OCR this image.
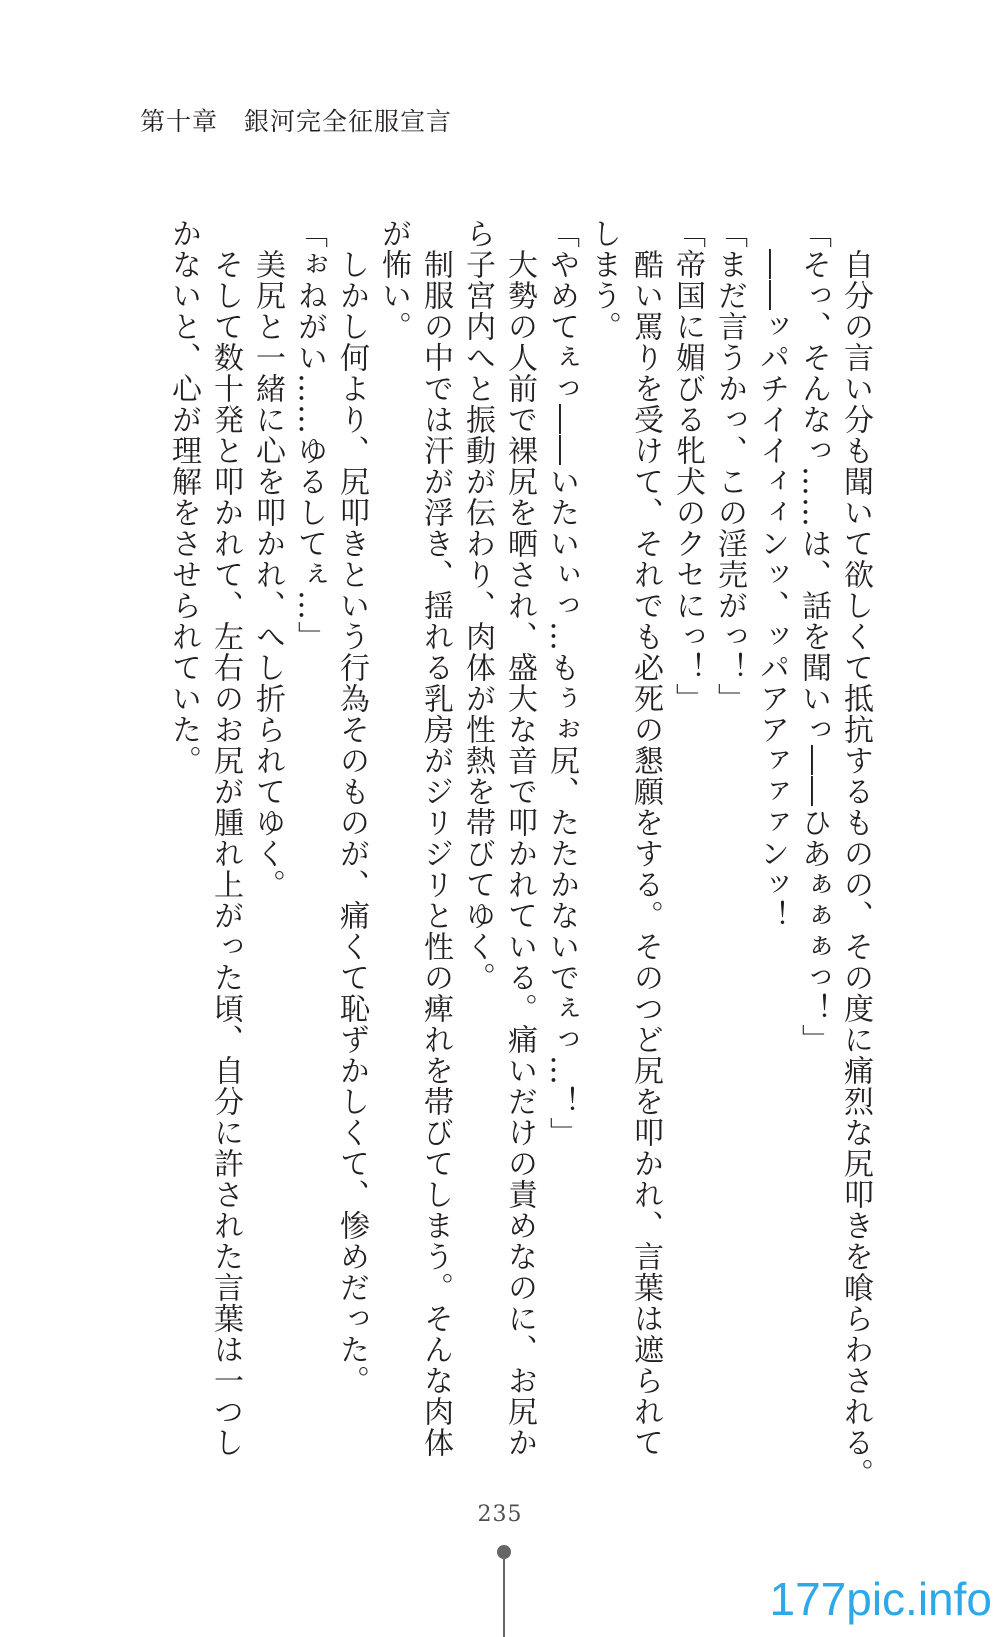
第十章　銀河完全征服宣言
　自分の言い分も聞いて欲しくて抵抗するものの、その度に痛烈な尻叩きを喰らわされる。
「そっ、そんなっ……は、話を聞いっ――ひあぁぁぁっ！」
　――ッパチイイィィンッ、ッパアアァァァンッ！
「まだ言うかっ、この淫売がっ！」
「帝国に媚びる牝犬のクセにっ！」
　酷い罵りを受けて、それでも必死の懇願をする。そのつど尻を叩かれ、言葉は遮られて
しまう。
「やめてぇっ――いたいぃっ…もぅぉ尻、たたかないでぇっ…！」
　大勢の人前で裸尻を晒され、盛大な音で叩かれている。痛いだけの責めなのに、お尻か
ら子宮内へと振動が伝わり、肉体が性熱を帯びてゆく。
　制服の中では汗が浮き、揺れる乳房がジリジリと性の痺れを帯びてしまう。そんな肉体
が怖い。
　しかし何より、尻叩きという行為そのものが、痛くて恥ずかしくて、惨めだった。
「ぉねがい……ゆるしてぇ…」
　美尻と一緒に心を叩かれ、へし折られてゆく。
　そして数十発と叩かれて、左右のお尻が腫れ上がった頃、自分に許された言葉は一つし
かないと、心が理解をさせられていた。
235
177pic.info
